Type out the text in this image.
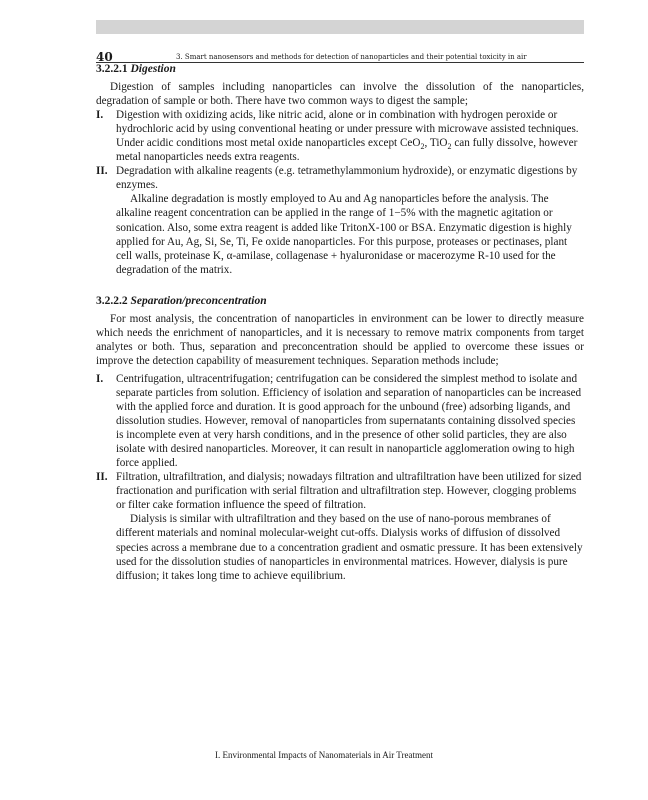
40	3. Smart nanosensors and methods for detection of nanoparticles and their potential toxicity in air
3.2.2.1 Digestion

Digestion of samples including nanoparticles can involve the dissolution of the nanoparticles, degradation of sample or both. There have two common ways to digest the sample;

I. Digestion with oxidizing acids, like nitric acid, alone or in combination with hydrogen peroxide or hydrochloric acid by using conventional heating or under pressure with microwave assisted techniques. Under acidic conditions most metal oxide nanoparticles except CeO$_2$, TiO$_2$ can fully dissolve, however metal nanoparticles needs extra reagents.

II. Degradation with alkaline reagents (e.g. tetramethylammonium hydroxide), or enzymatic digestions by enzymes.

Alkaline degradation is mostly employed to Au and Ag nanoparticles before the analysis. The alkaline reagent concentration can be applied in the range of 1−5% with the magnetic agitation or sonication. Also, some extra reagent is added like TritonX-100 or BSA. Enzymatic digestion is highly applied for Au, Ag, Si, Se, Ti, Fe oxide nanoparticles. For this purpose, proteases or pectinases, plant cell walls, proteinase K, α-amilase, collagenase + hyaluronidase or macerozyme R-10 used for the degradation of the matrix.

3.2.2.2 Separation/preconcentration

For most analysis, the concentration of nanoparticles in environment can be lower to directly measure which needs the enrichment of nanoparticles, and it is necessary to remove matrix components from target analytes or both. Thus, separation and preconcentration should be applied to overcome these issues or improve the detection capability of measurement techniques. Separation methods include;

I. Centrifugation, ultracentrifugation; centrifugation can be considered the simplest method to isolate and separate particles from solution. Efficiency of isolation and separation of nanoparticles can be increased with the applied force and duration. It is good approach for the unbound (free) adsorbing ligands, and dissolution studies. However, removal of nanoparticles from supernatants containing dissolved species is incomplete even at very harsh conditions, and in the presence of other solid particles, they are also isolate with desired nanoparticles. Moreover, it can result in nanoparticle agglomeration owing to high force applied.

II. Filtration, ultrafiltration, and dialysis; nowadays filtration and ultrafiltration have been utilized for sized fractionation and purification with serial filtration and ultrafiltration step. However, clogging problems or filter cake formation influence the speed of filtration.

Dialysis is similar with ultrafiltration and they based on the use of nano-porous membranes of different materials and nominal molecular-weight cut-offs. Dialysis works of diffusion of dissolved species across a membrane due to a concentration gradient and osmatic pressure. It has been extensively used for the dissolution studies of nanoparticles in environmental matrices. However, dialysis is pure diffusion; it takes long time to achieve equilibrium.

I. Environmental Impacts of Nanomaterials in Air Treatment
